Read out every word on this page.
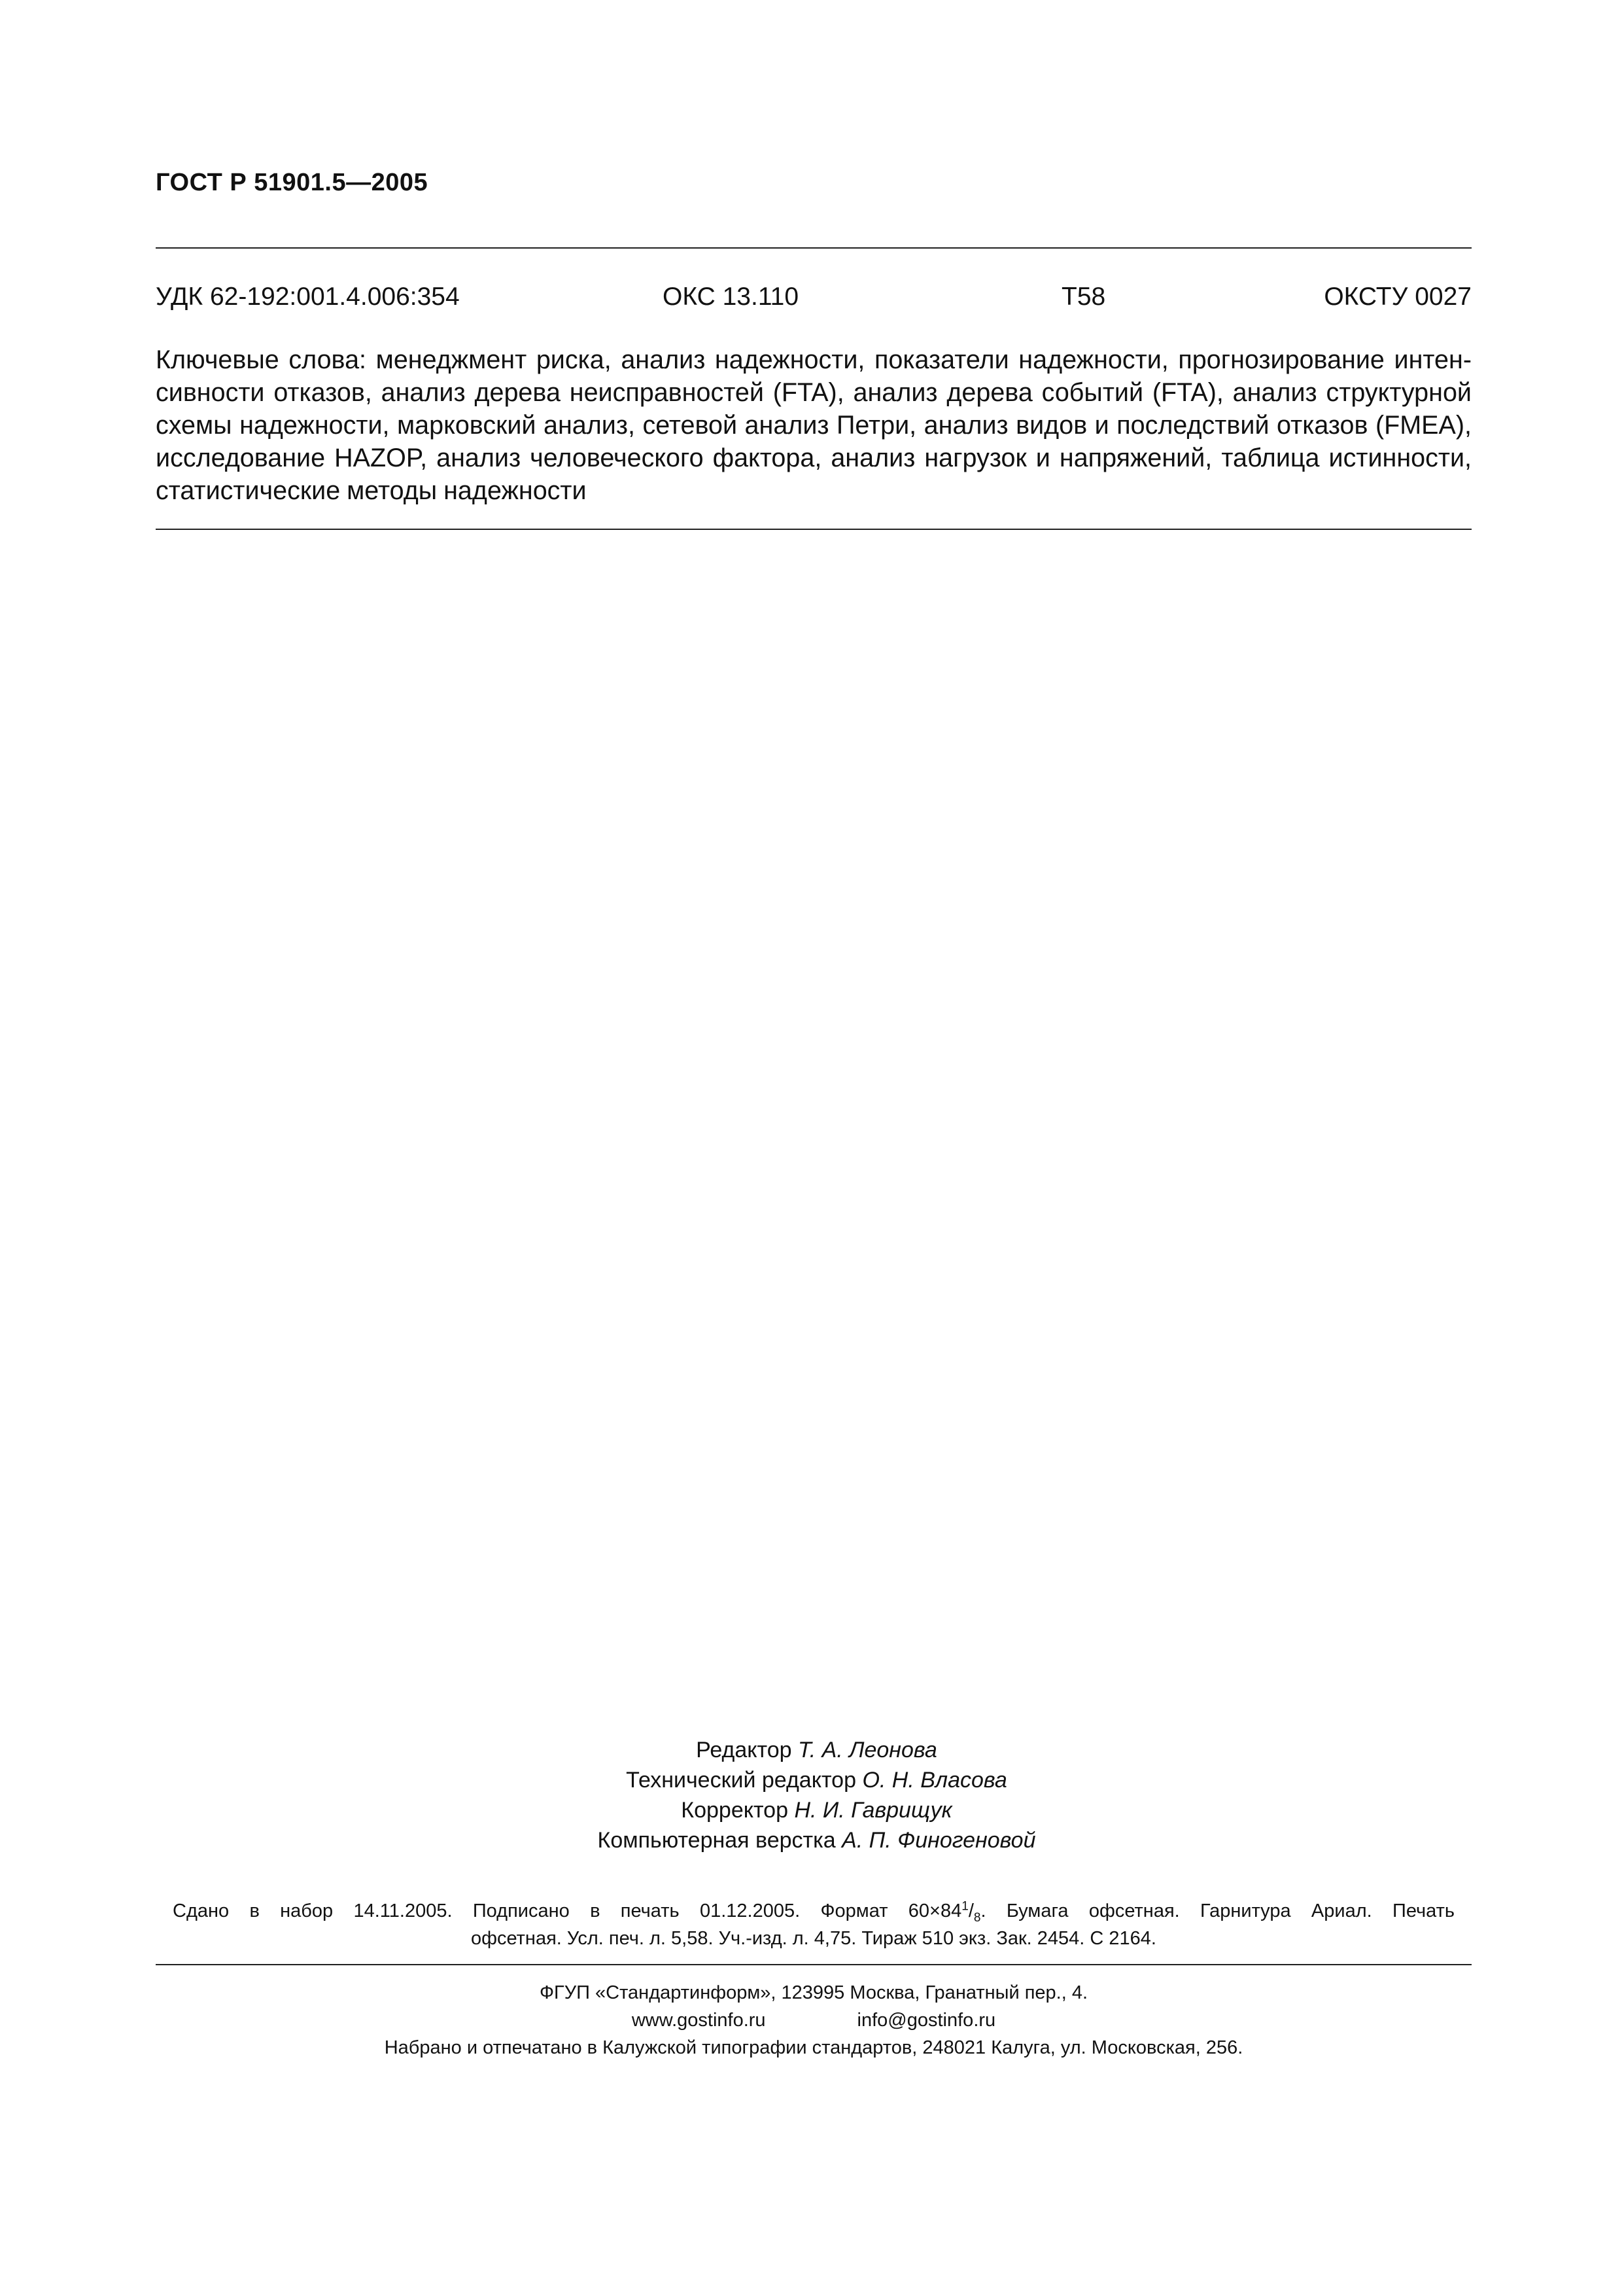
ГОСТ Р 51901.5—2005
УДК 62-192:001.4.006:354	ОКС 13.110	Т58	ОКСТУ 0027
Ключевые слова: менеджмент риска, анализ надежности, показатели надежности, прогнозирование интен-
сивности отказов, анализ дерева неисправностей (FTA), анализ дерева событий (FTA), анализ структурной
схемы надежности, марковский анализ, сетевой анализ Петри, анализ видов и последствий отказов (FMEA),
исследование HAZOP, анализ человеческого фактора, анализ нагрузок и напряжений, таблица истинности,
статистические методы надежности
Редактор Т. А. Леонова
Технический редактор О. Н. Власова
Корректор Н. И. Гаврищук
Компьютерная верстка А. П. Финогеновой
Сдано в набор 14.11.2005. Подписано в печать 01.12.2005. Формат $60\times 84^1/_8$. Бумага офсетная. Гарнитура Ариал. Печать
офсетная. Усл. печ. л. 5,58. Уч.-изд. л. 4,75. Тираж 510 экз. Зак. 2454. С 2164.
ФГУП «Стандартинформ», 123995 Москва, Гранатный пер., 4.
www.gostinfo.ru	info@gostinfo.ru
Набрано и отпечатано в Калужской типографии стандартов, 248021 Калуга, ул. Московская, 256.
